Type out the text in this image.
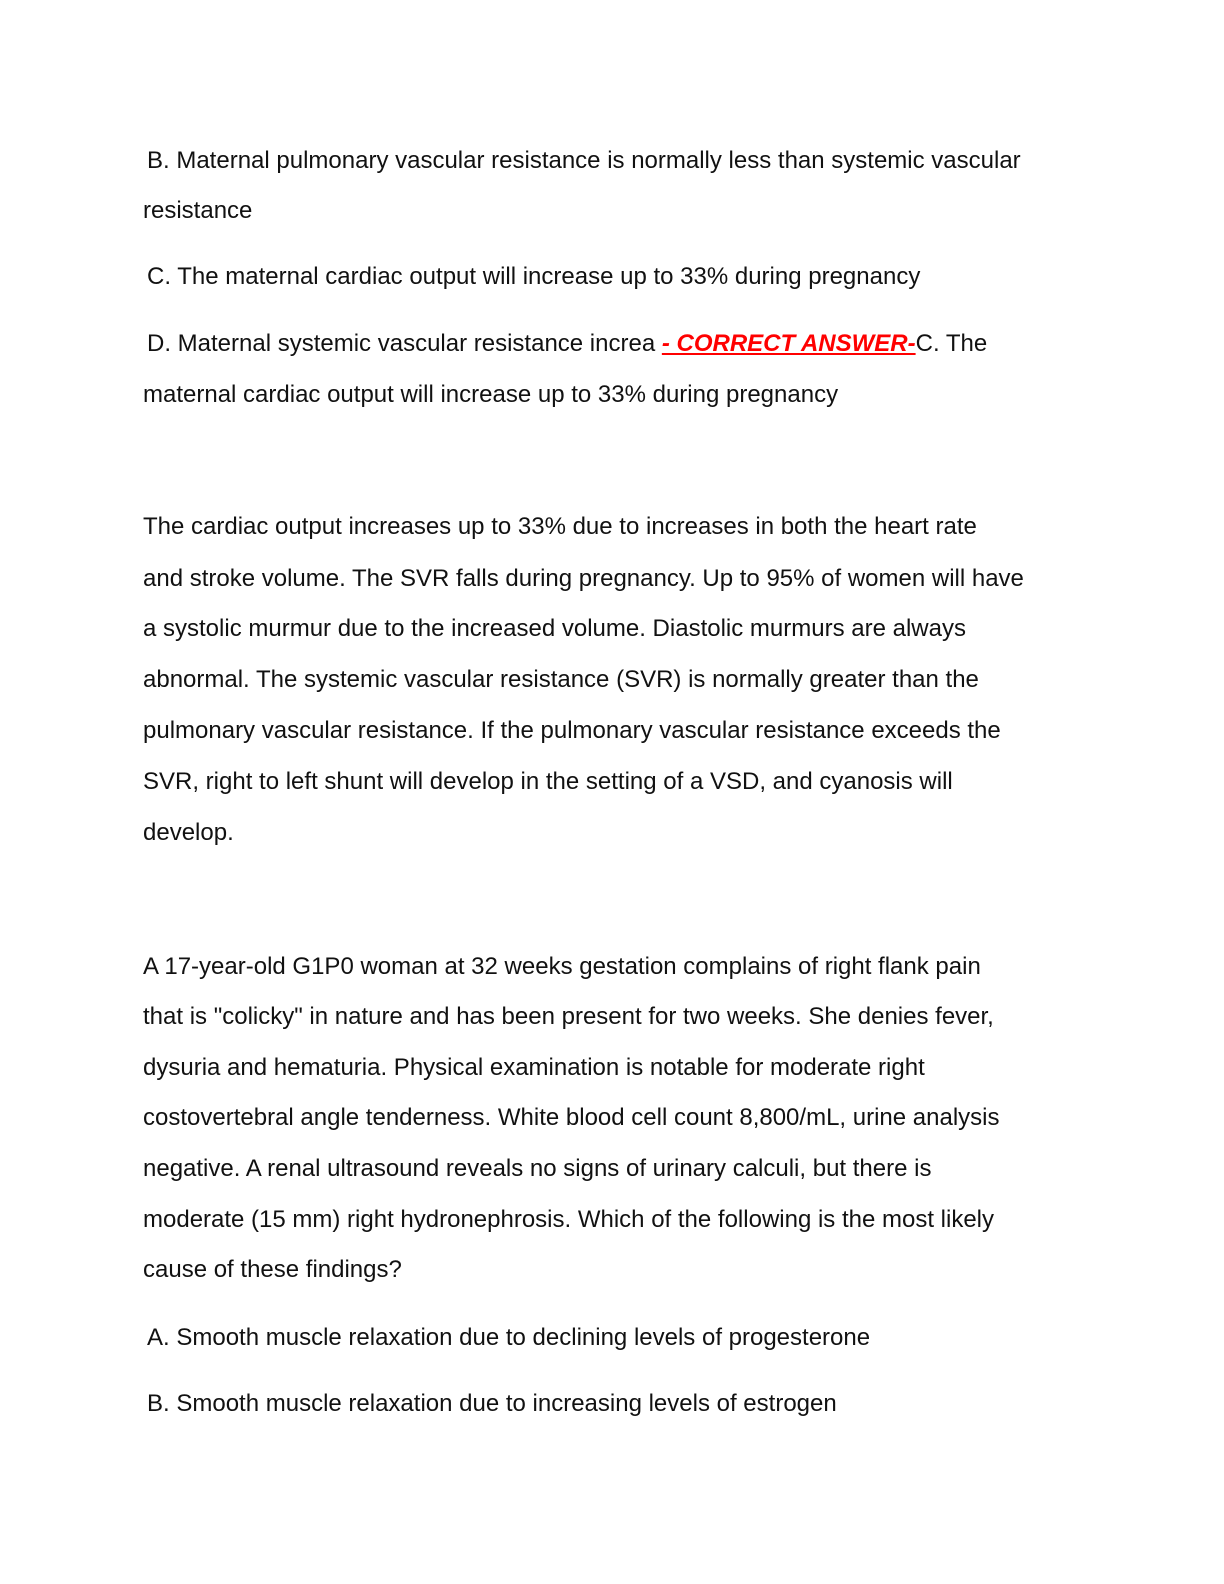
B. Maternal pulmonary vascular resistance is normally less than systemic vascular
resistance
C. The maternal cardiac output will increase up to 33% during pregnancy
D. Maternal systemic vascular resistance increa - CORRECT ANSWER-C. The
maternal cardiac output will increase up to 33% during pregnancy
The cardiac output increases up to 33% due to increases in both the heart rate
and stroke volume. The SVR falls during pregnancy. Up to 95% of women will have
a systolic murmur due to the increased volume. Diastolic murmurs are always
abnormal. The systemic vascular resistance (SVR) is normally greater than the
pulmonary vascular resistance. If the pulmonary vascular resistance exceeds the
SVR, right to left shunt will develop in the setting of a VSD, and cyanosis will
develop.
A 17-year-old G1P0 woman at 32 weeks gestation complains of right flank pain
that is "colicky" in nature and has been present for two weeks. She denies fever,
dysuria and hematuria. Physical examination is notable for moderate right
costovertebral angle tenderness. White blood cell count 8,800/mL, urine analysis
negative. A renal ultrasound reveals no signs of urinary calculi, but there is
moderate (15 mm) right hydronephrosis. Which of the following is the most likely
cause of these findings?
A. Smooth muscle relaxation due to declining levels of progesterone
B. Smooth muscle relaxation due to increasing levels of estrogen
